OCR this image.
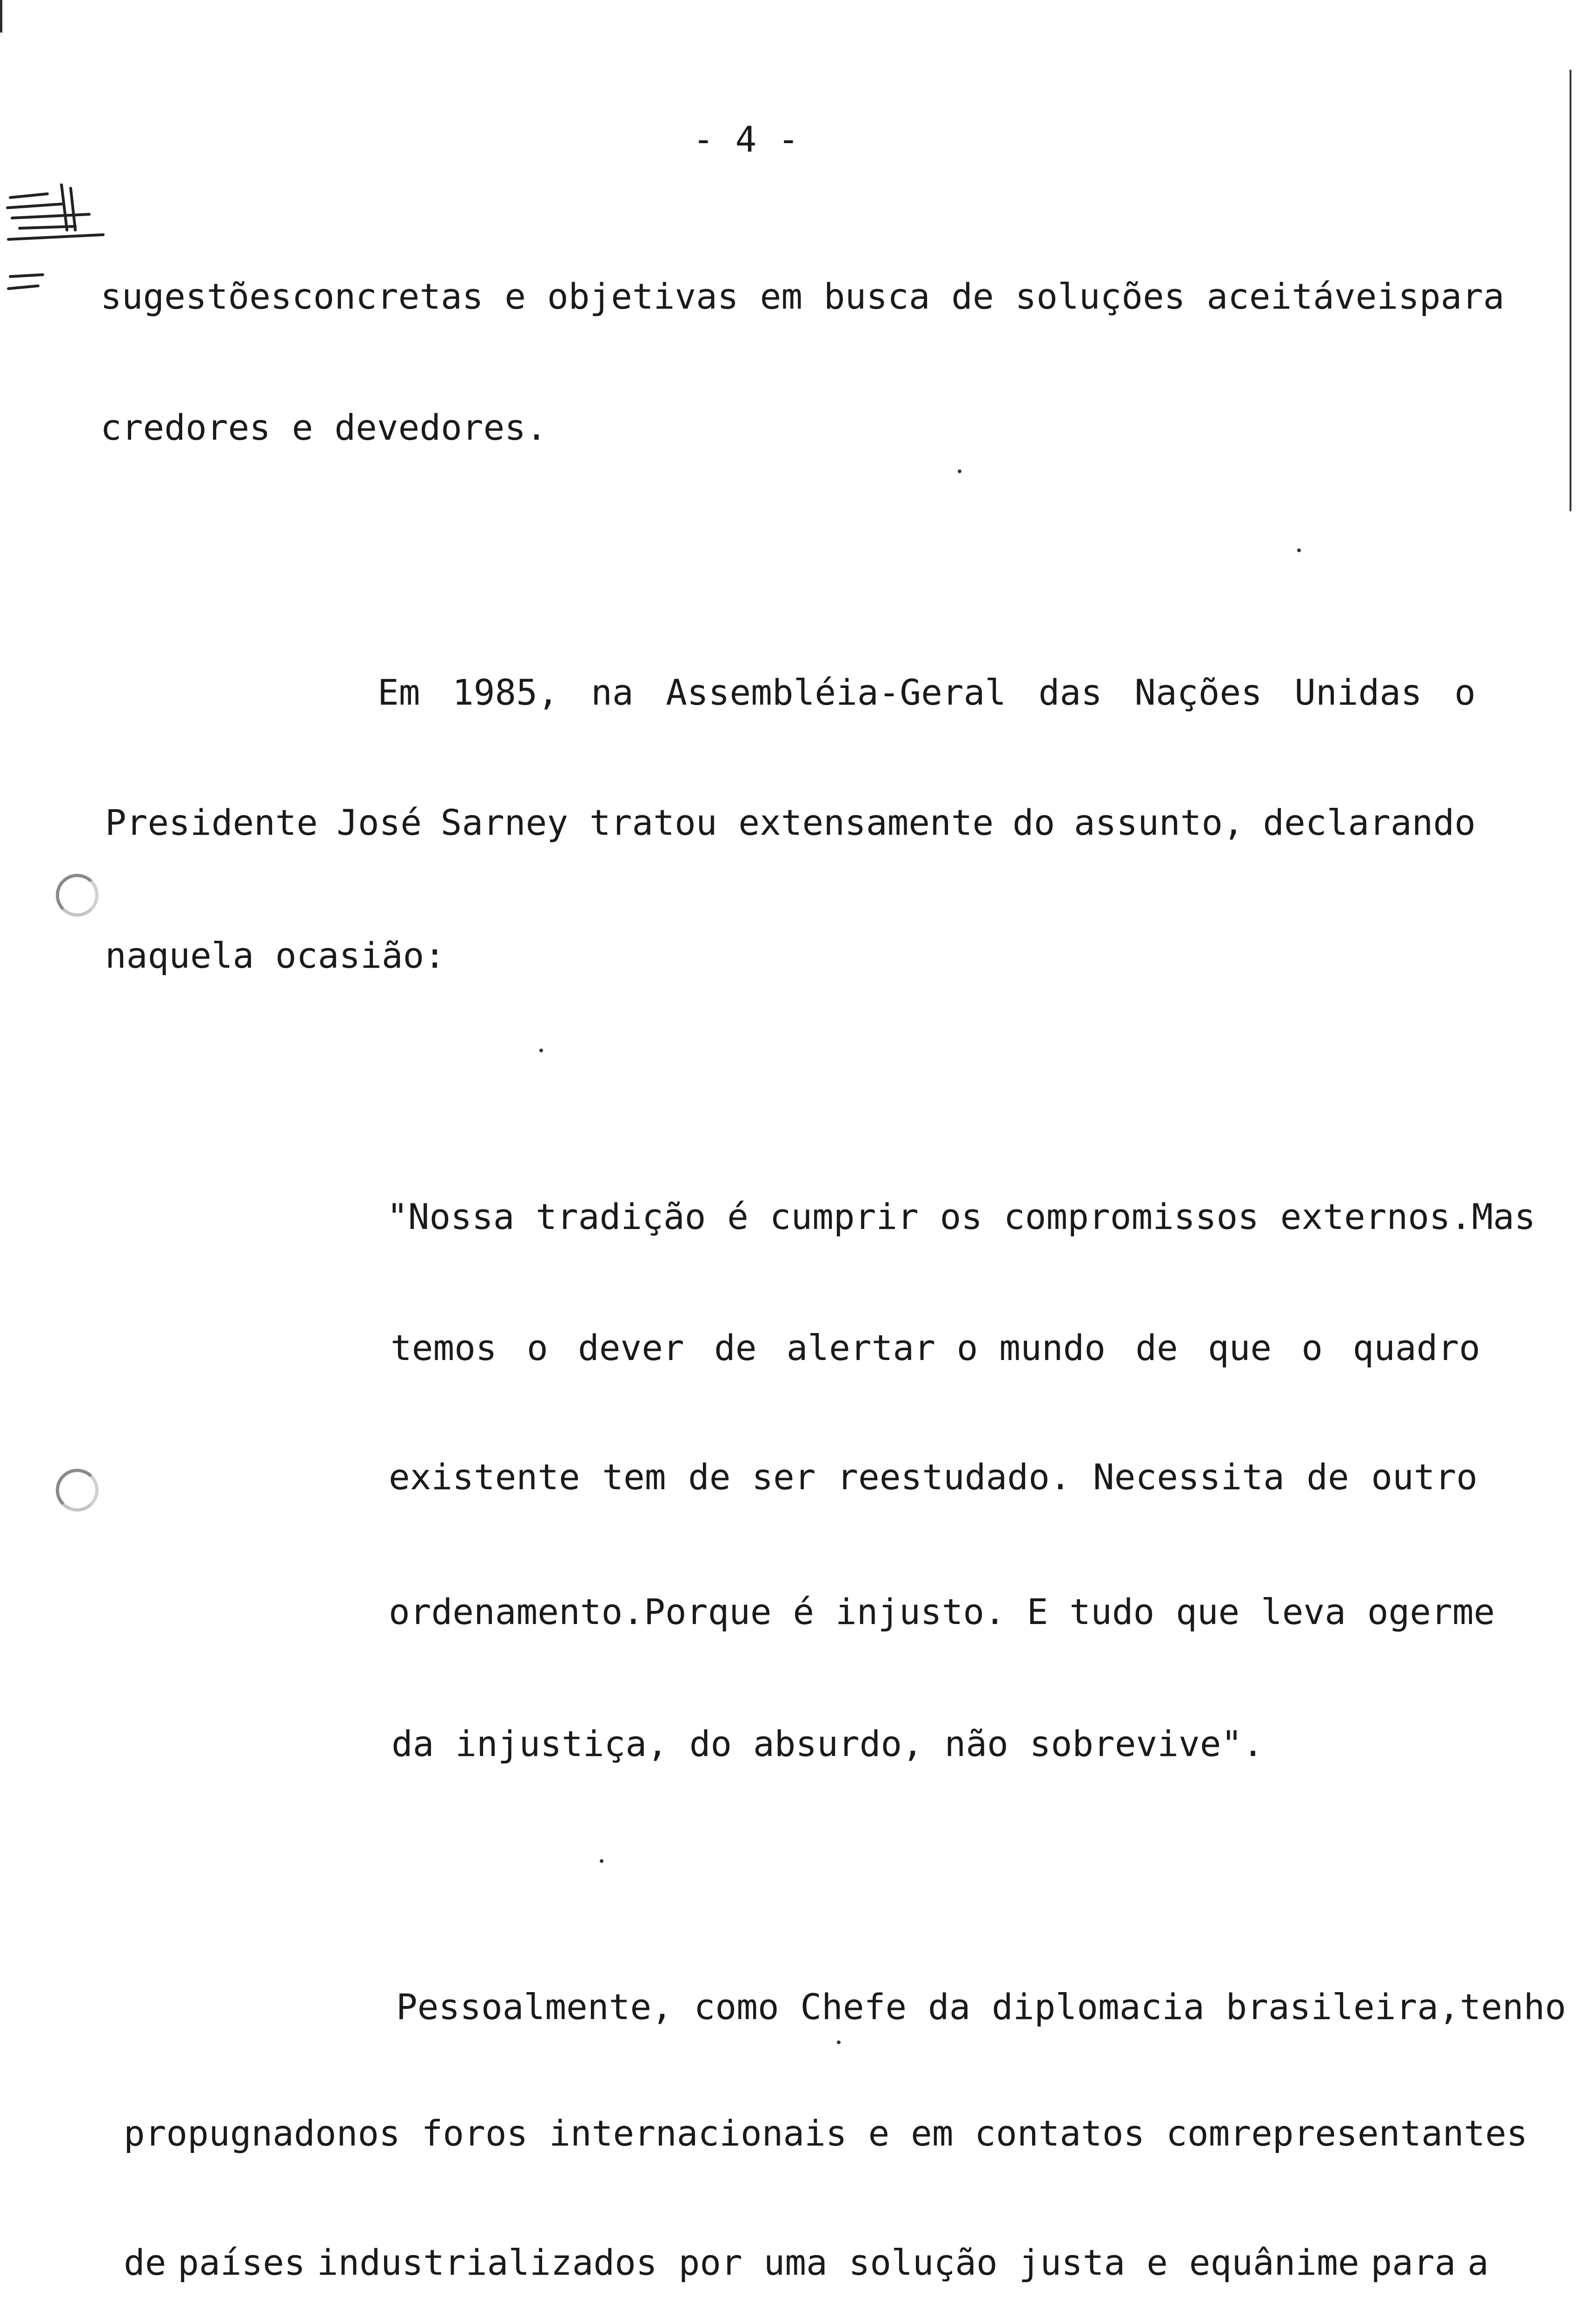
- 4 -
sugestões concretas e objetivas em busca de soluções aceitáveis para
credores e devedores.
Em 1985, na Assembléia-Geral das Nações Unidas o
Presidente José Sarney tratou extensamente do assunto, declarando
naquela ocasião:
"Nossa tradição é cumprir os compromissos externos. Mas
temos o dever de alertar o mundo de que o quadro
existente tem de ser reestudado. Necessita de outro
ordenamento. Porque é injusto. E tudo que leva o germe
da injustiça, do absurdo, não sobrevive".
Pessoalmente, como Chefe da diplomacia brasileira, tenho
propugnado nos foros internacionais e em contatos com representantes
de países industrializados por uma solução justa e equânime para a
